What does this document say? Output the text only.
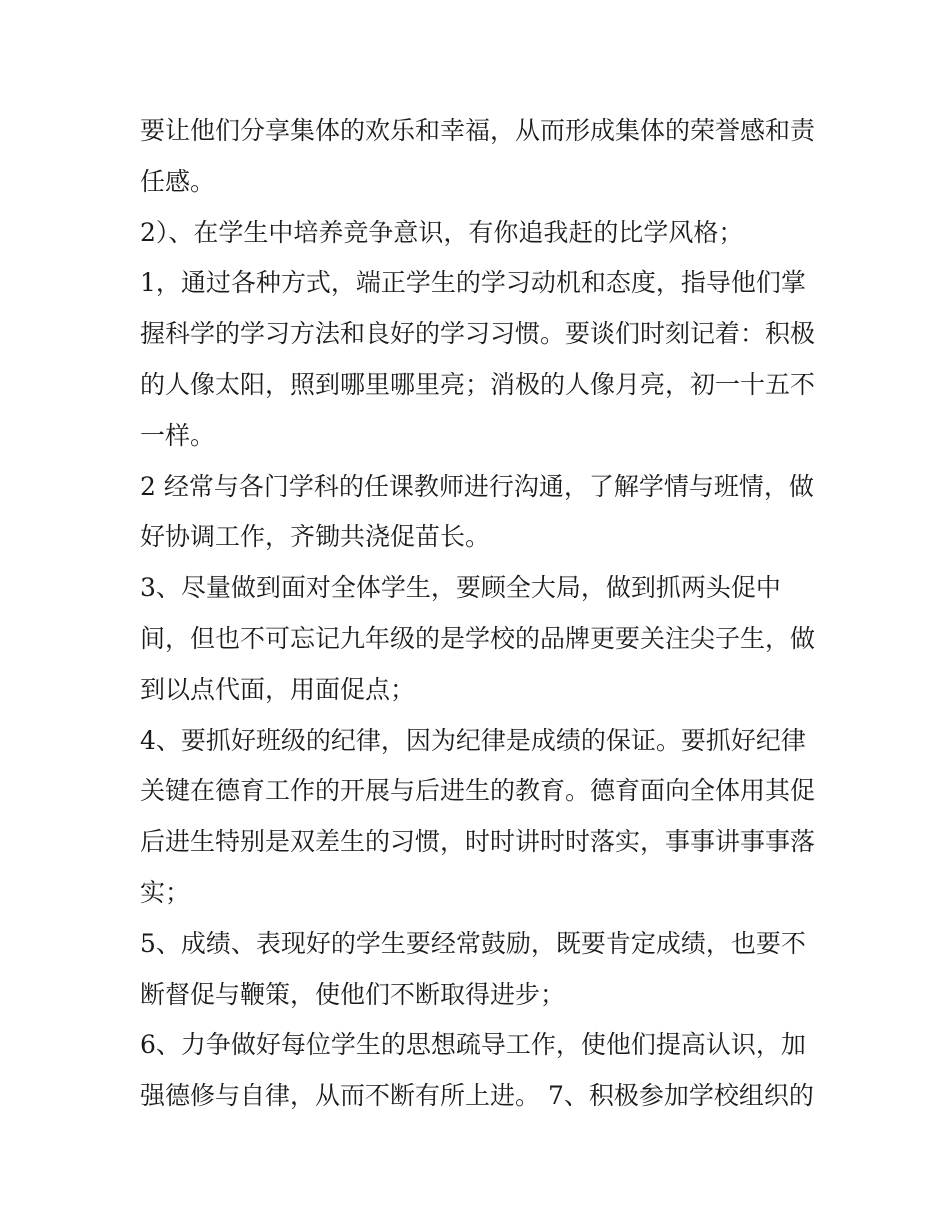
要让他们分享集体的欢乐和幸福，从而形成集体的荣誉感和责
任感。
2）、在学生中培养竞争意识，有你追我赶的比学风格；
1，通过各种方式，端正学生的学习动机和态度，指导他们掌
握科学的学习方法和良好的学习习惯。要谈们时刻记着：积极
的人像太阳，照到哪里哪里亮；消极的人像月亮，初一十五不
一样。
2 经常与各门学科的任课教师进行沟通，了解学情与班情，做
好协调工作，齐锄共浇促苗长。
3、尽量做到面对全体学生，要顾全大局，做到抓两头促中
间，但也不可忘记九年级的是学校的品牌更要关注尖子生，做
到以点代面，用面促点；
4、要抓好班级的纪律，因为纪律是成绩的保证。要抓好纪律
关键在德育工作的开展与后进生的教育。德育面向全体用其促
后进生特别是双差生的习惯，时时讲时时落实，事事讲事事落
实；
5、成绩、表现好的学生要经常鼓励，既要肯定成绩，也要不
断督促与鞭策，使他们不断取得进步；
6、力争做好每位学生的思想疏导工作，使他们提高认识，加
强德修与自律，从而不断有所上进。 7、积极参加学校组织的
